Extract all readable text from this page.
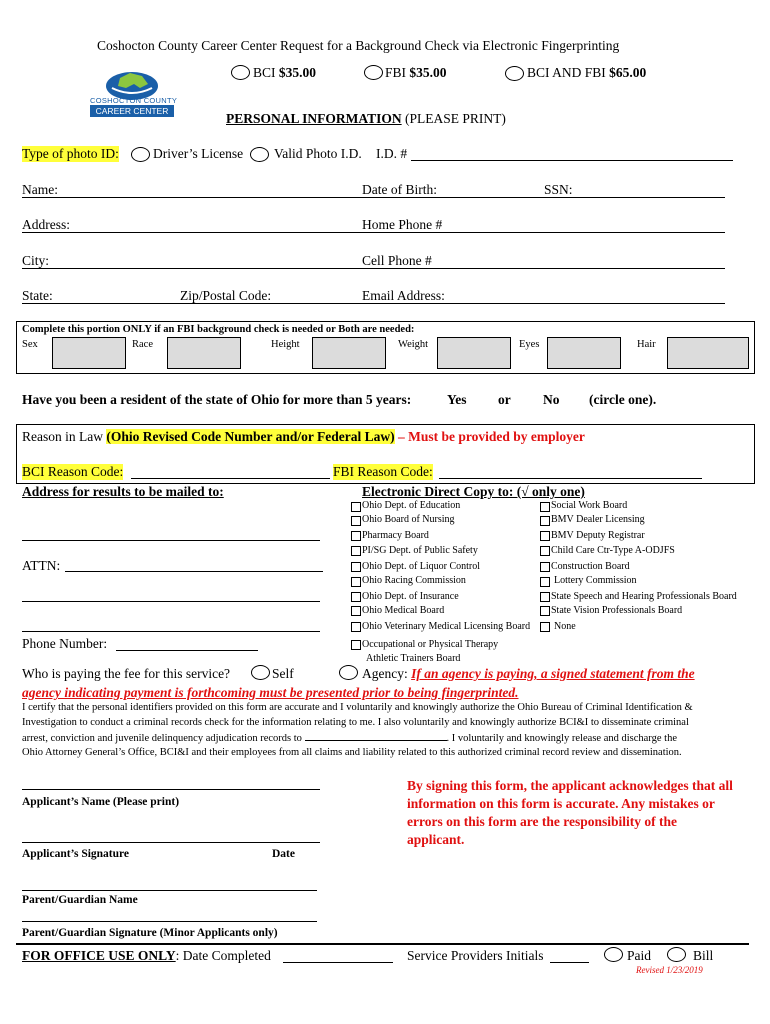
Coshocton County Career Center Request for a Background Check via Electronic Fingerprinting
COSHOCTON COUNTY
CAREER CENTER
BCI $35.00	FBI $35.00	BCI AND FBI $65.00
PERSONAL INFORMATION (PLEASE PRINT)
Type of photo ID:	Driver’s License Valid Photo I.D. I.D. #
Name:	Date of Birth:	SSN:
Address:	Home Phone #
City:	Cell Phone #
State:	Zip/Postal Code:	Email Address:
Complete this portion ONLY if an FBI background check is needed or Both are needed:
Sex	Race	Height	Weight	Eyes	Hair
Have you been a resident of the state of Ohio for more than 5 years:	Yes or No (circle one).
Reason in Law (Ohio Revised Code Number and/or Federal Law) – Must be provided by employer
BCI Reason Code:	FBI Reason Code:
Address for results to be mailed to:
ATTN:
Phone Number:
Electronic Direct Copy to: (√ only one)
Ohio Dept. of Education
Ohio Board of Nursing
Pharmacy Board
PI/SG Dept. of Public Safety
Ohio Dept. of Liquor Control
Ohio Racing Commission
Ohio Dept. of Insurance
Ohio Medical Board
Ohio Veterinary Medical Licensing Board
Occupational or Physical Therapy
Athletic Trainers Board
Social Work Board
BMV Dealer Licensing
BMV Deputy Registrar
Child Care Ctr-Type A-ODJFS
Construction Board
Lottery Commission
State Speech and Hearing Professionals Board
State Vision Professionals Board
None
Who is paying the fee for this service?	Self	Agency: If an agency is paying, a signed statement from the
agency indicating payment is forthcoming must be presented prior to being fingerprinted.
I certify that the personal identifiers provided on this form are accurate and I voluntarily and knowingly authorize the Ohio Bureau of Criminal Identification &
Investigation to conduct a criminal records check for the information relating to me. I also voluntarily and knowingly authorize BCI&I to disseminate criminal
arrest, conviction and juvenile delinquency adjudication records to	. I voluntarily and knowingly release and discharge the
Ohio Attorney General’s Office, BCI&I and their employees from all claims and liability related to this authorized criminal record review and dissemination.
Applicant’s Name (Please print)
Applicant’s Signature	Date
Parent/Guardian Name
Parent/Guardian Signature (Minor Applicants only)
By signing this form, the applicant acknowledges that all
information on this form is accurate. Any mistakes or
errors on this form are the responsibility of the
applicant.
FOR OFFICE USE ONLY: Date Completed	Service Providers Initials	Paid	Bill
Revised 1/23/2019
